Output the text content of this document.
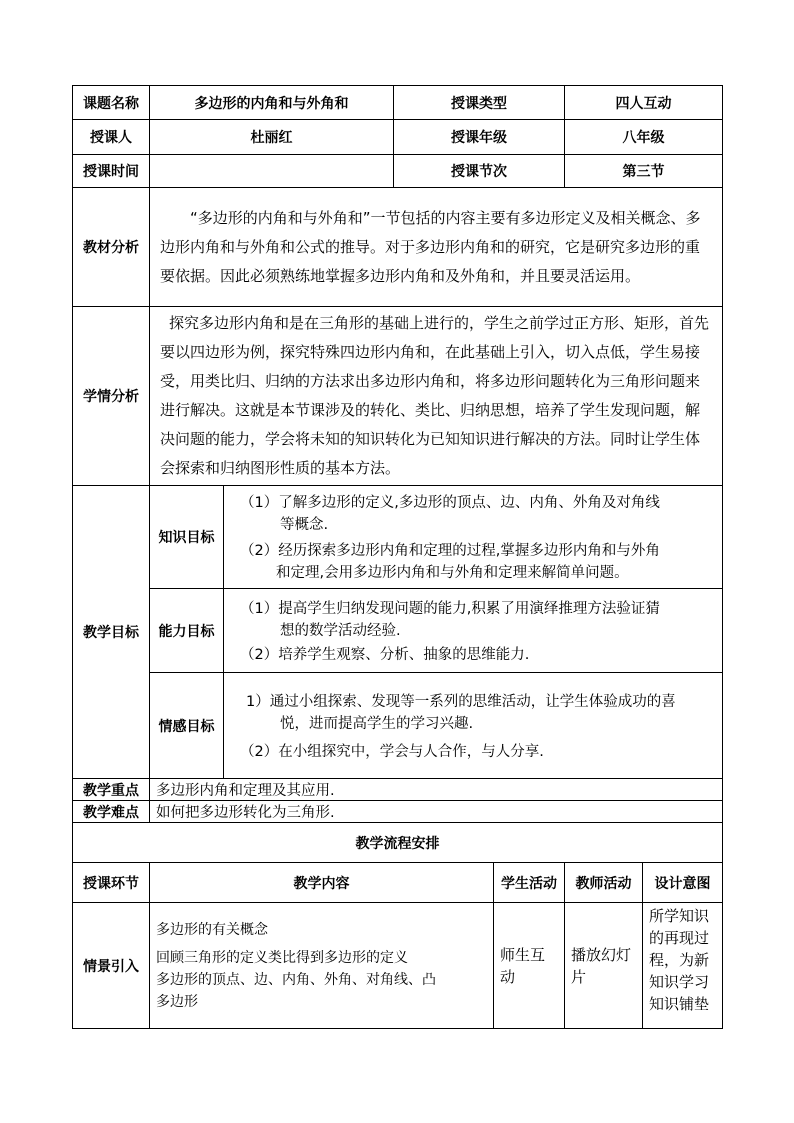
课题名称	多边形的内角和与外角和		授课类型		四人互动	
授课人	杜丽红		授课年级		八年级	
授课时间			授课节次		第三节	
教材分析	“多边形的内角和与外角和”一节包括的内容主要有多边形定义及相关概念、多边形内角和与外角和公式的推导。对于多边形内角和的研究，它是研究多边形的重要依据。因此必须熟练地掌握多边形内角和及外角和，并且要灵活运用。					

学情分析	探究多边形内角和是在三角形的基础上进行的，学生之前学过正方形、矩形，首先要以四边形为例，探究特殊四边形内角和，在此基础上引入，切入点低，学生易接受，用类比归、归纳的方法求出多边形内角和，将多边形问题转化为三角形问题来进行解决。这就是本节课涉及的转化、类比、归纳思想，培养了学生发现问题，解决问题的能力，学会将未知的知识转化为已知知识进行解决的方法。同时让学生体会探索和归纳图形性质的基本方法。					

教学目标	知识目标	（1）了解多边形的定义,多边形的顶点、边、内角、外角及对角线

等概念.

（2）经历探索多边形内角和定理的过程,掌握多边形内角和与外角

和定理,会用多边形内角和与外角和定理来解简单问题。				

	能力目标	（1）提高学生归纳发现问题的能力,积累了用演绎推理方法验证猜

想的数学活动经验.

（2）培养学生观察、分析、抽象的思维能力.				

	情感目标	1）通过小组探索、发现等一系列的思维活动，让学生体验成功的喜

悦，进而提高学生的学习兴趣.

（2）在小组探究中，学会与人合作，与人分享.				

教学重点	多边形内角和定理及其应用.					
教学难点	如何把多边形转化为三角形.					
教学流程安排						
授课环节	教学内容			学生活动	教师活动	设计意图
情景引入	多边形的有关概念

回顾三角形的定义类比得到多边形的定义

多边形的顶点、边、内角、外角、对角线、凸

多边形			师生互动	播放幻灯片	所学知识的再现过程，为新知识学习知识铺垫
